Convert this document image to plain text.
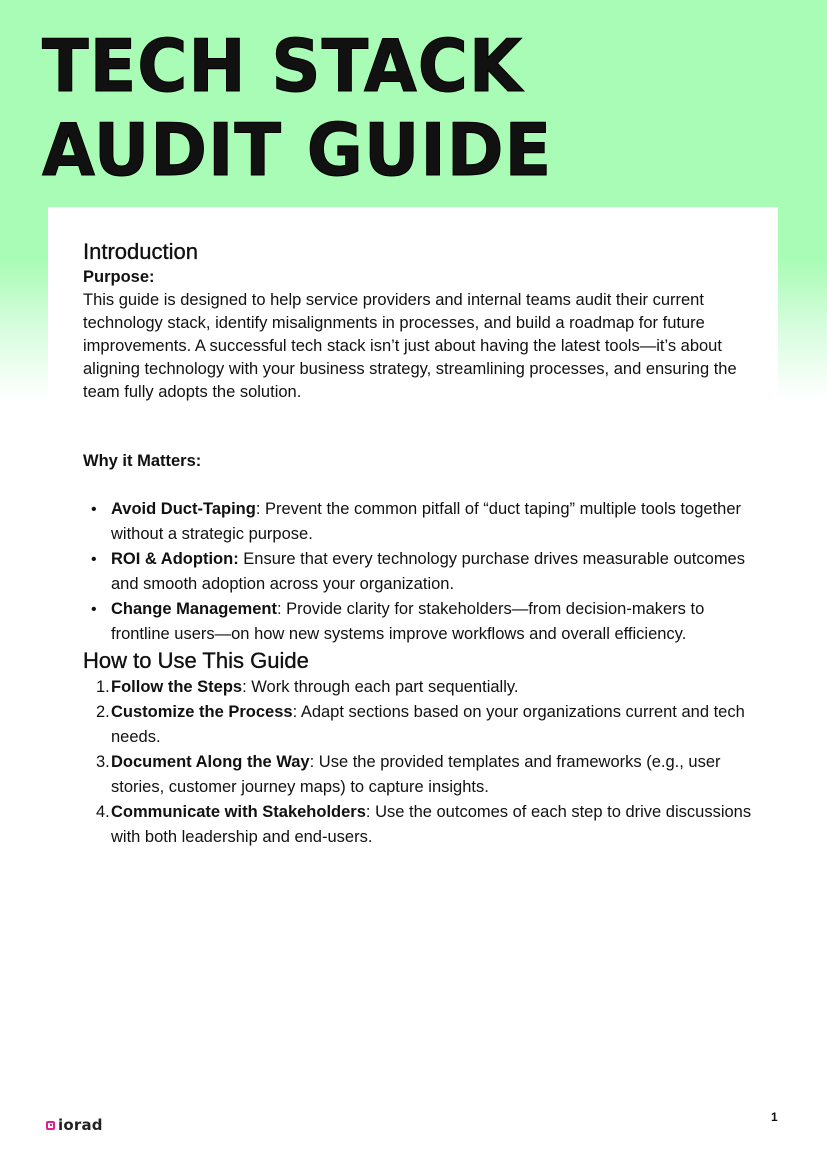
TECH STACK
AUDIT GUIDE
Introduction

Purpose:

This guide is designed to help service providers and internal teams audit their current technology stack, identify misalignments in processes, and build a roadmap for future improvements. A successful tech stack isn’t just about having the latest tools—it’s about aligning technology with your business strategy, streamlining processes, and ensuring the team fully adopts the solution.

Why it Matters:

• Avoid Duct-Taping: Prevent the common pitfall of “duct taping” multiple tools together without a strategic purpose.
• ROI & Adoption: Ensure that every technology purchase drives measurable outcomes and smooth adoption across your organization.
• Change Management: Provide clarity for stakeholders—from decision-makers to frontline users—on how new systems improve workflows and overall efficiency.
How to Use This Guide
1. Follow the Steps: Work through each part sequentially.
2. Customize the Process: Adapt sections based on your organizations current and tech needs.
3. Document Along the Way: Use the provided templates and frameworks (e.g., user stories, customer journey maps) to capture insights.
4. Communicate with Stakeholders: Use the outcomes of each step to drive discussions with both leadership and end-users.
iorad	1
